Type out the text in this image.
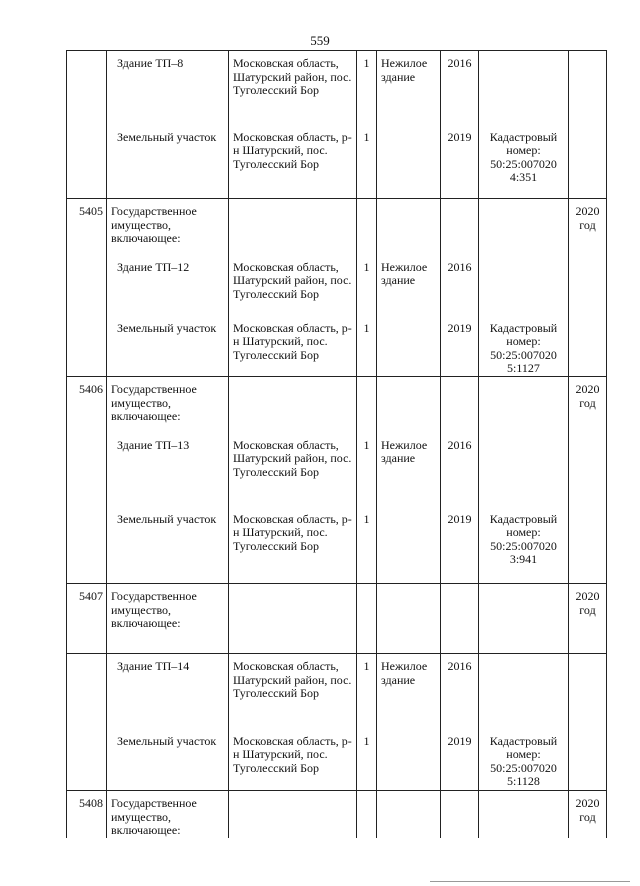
559
	Здание ТП–8	Московская область, Шатурский район, пос. Туголесский Бор	1	Нежилое здание	2016		
	Земельный участок	Московская область, р-н Шатурский, пос. Туголесский Бор	1		2019	Кадастровый номер: 50:25:007020 4:351	
5405	Государственное имущество, включающее:						2020 год
	Здание ТП–12	Московская область, Шатурский район, пос. Туголесский Бор	1	Нежилое здание	2016		
	Земельный участок	Московская область, р-н Шатурский, пос. Туголесский Бор	1		2019	Кадастровый номер: 50:25:007020 5:1127	
5406	Государственное имущество, включающее:						2020 год
	Здание ТП–13	Московская область, Шатурский район, пос. Туголесский Бор	1	Нежилое здание	2016		
	Земельный участок	Московская область, р-н Шатурский, пос. Туголесский Бор	1		2019	Кадастровый номер: 50:25:007020 3:941	
5407	Государственное имущество, включающее:						2020 год
	Здание ТП–14	Московская область, Шатурский район, пос. Туголесский Бор	1	Нежилое здание	2016		
	Земельный участок	Московская область, р-н Шатурский, пос. Туголесский Бор	1		2019	Кадастровый номер: 50:25:007020 5:1128	
5408	Государственное имущество, включающее:						2020 год
